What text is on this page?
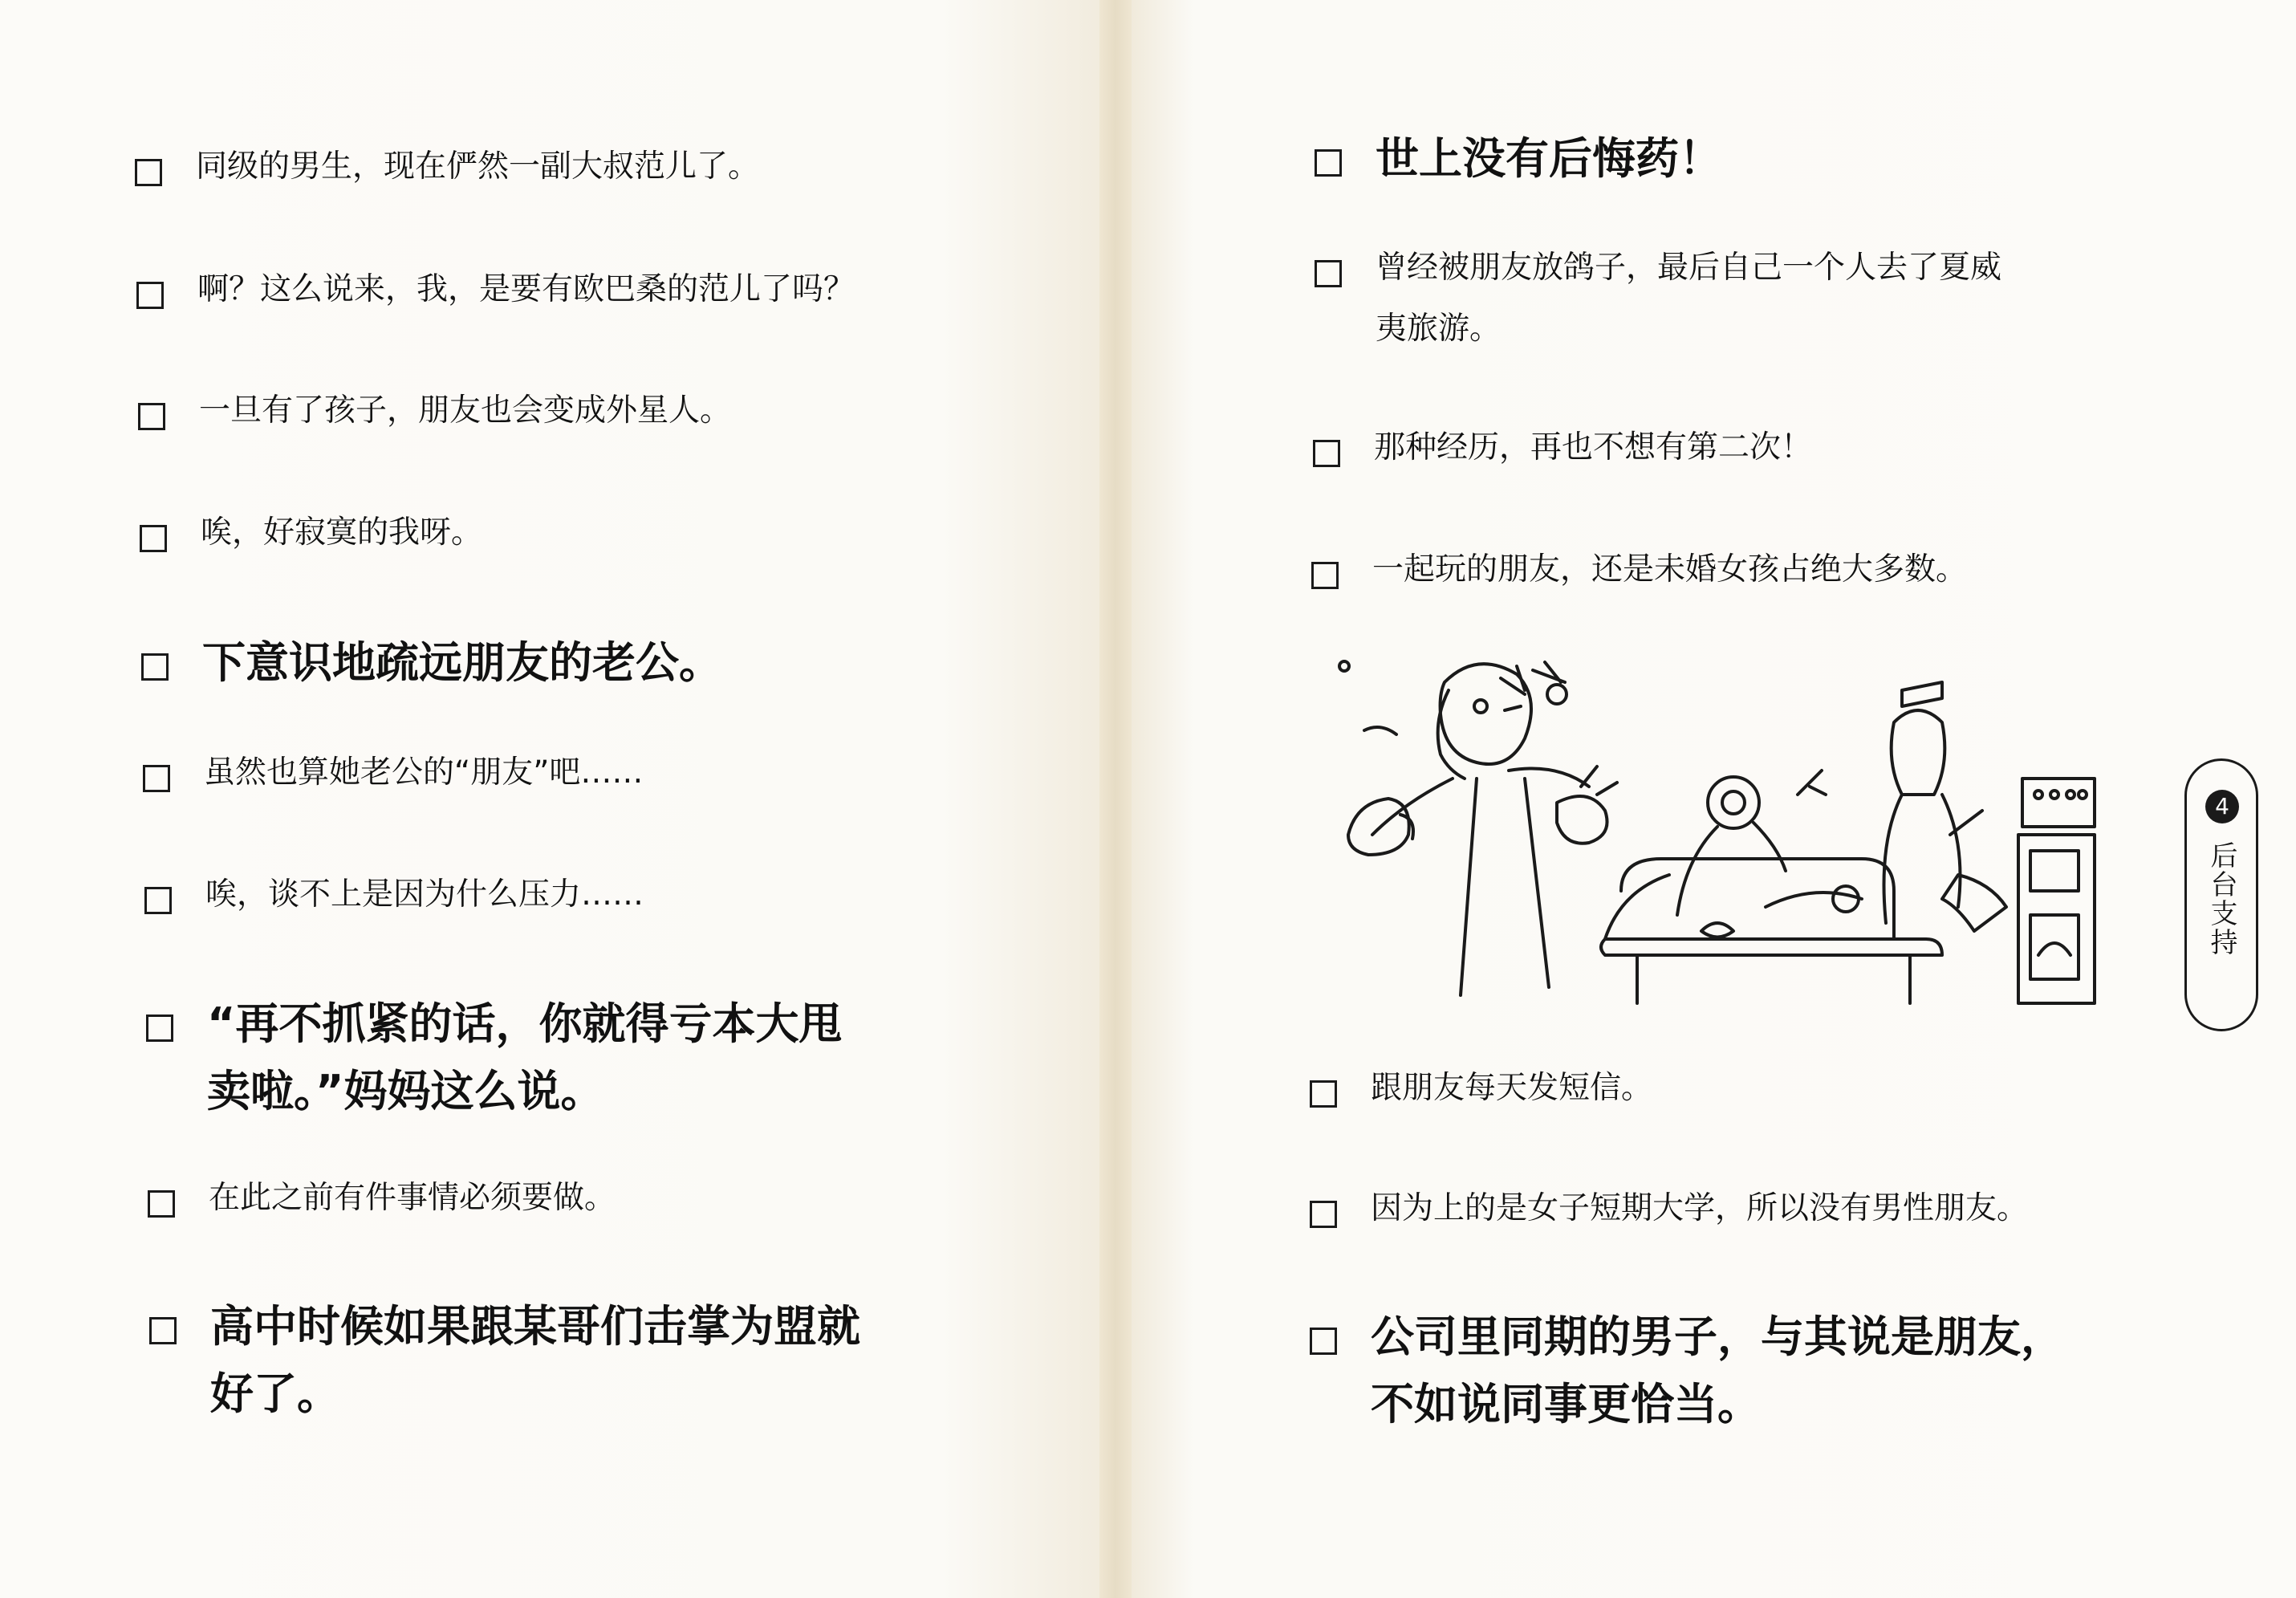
同级的男生，现在俨然一副大叔范儿了。
啊？这么说来，我，是要有欧巴桑的范儿了吗？
一旦有了孩子，朋友也会变成外星人。
唉，好寂寞的我呀。
下意识地疏远朋友的老公。
虽然也算她老公的“朋友”吧……
唉，谈不上是因为什么压力……
“再不抓紧的话，你就得亏本大甩
卖啦。”妈妈这么说。
在此之前有件事情必须要做。
高中时候如果跟某哥们击掌为盟就
好了。
世上没有后悔药！
曾经被朋友放鸽子，最后自己一个人去了夏威
夷旅游。
那种经历，再也不想有第二次！
一起玩的朋友，还是未婚女孩占绝大多数。
跟朋友每天发短信。
因为上的是女子短期大学，所以没有男性朋友。
公司里同期的男子，与其说是朋友，
不如说同事更恰当。
4
后台支持
